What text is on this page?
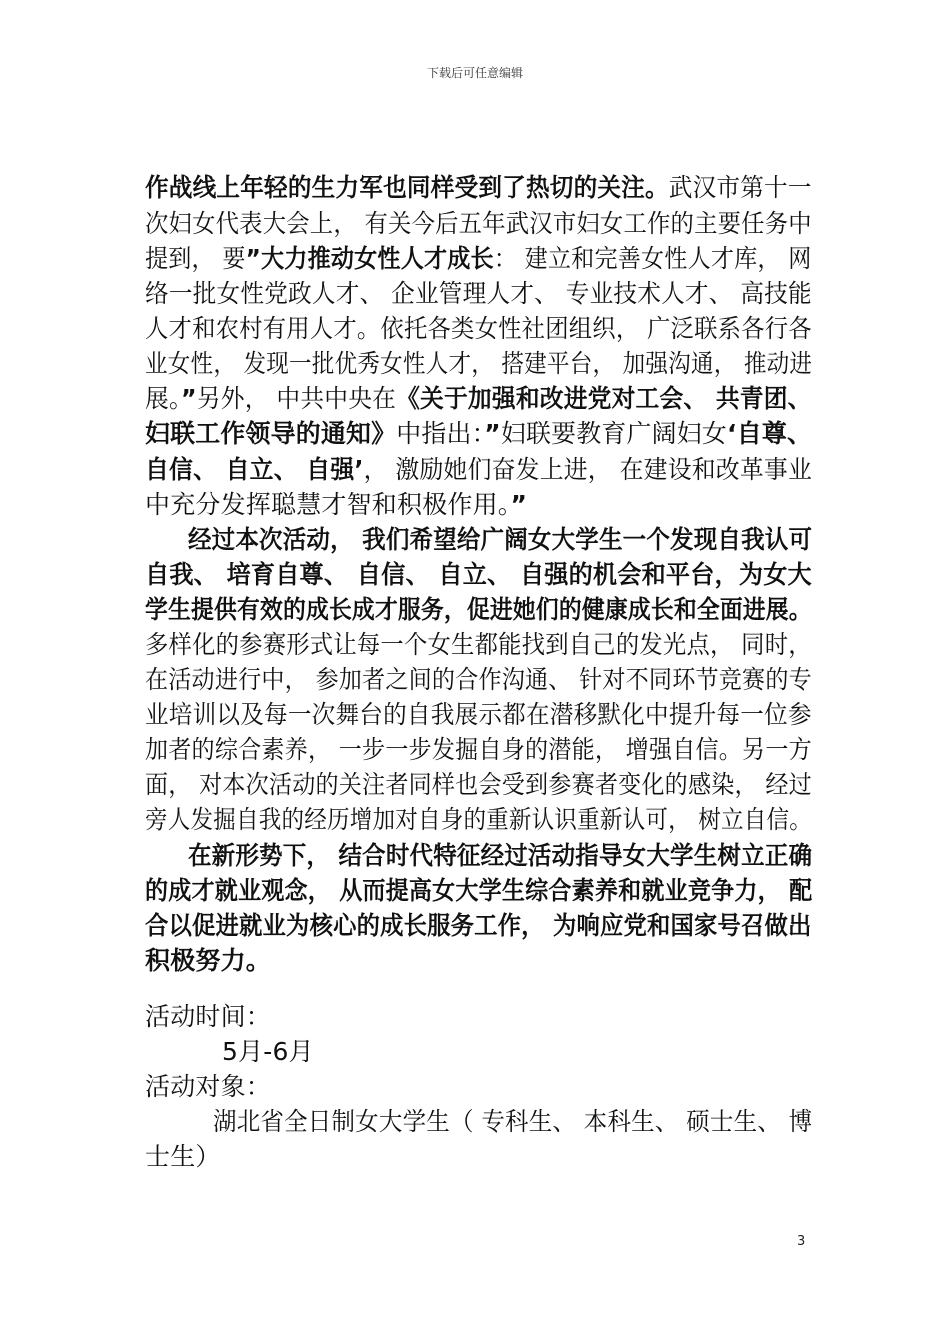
下载后可任意编辑
作战线上年轻的生力军也同样受到了热切的关注。武汉市第十一
次妇女代表大会上， 有关今后五年武汉市妇女工作的主要任务中
提到， 要”大力推动女性人才成长： 建立和完善女性人才库， 网
络一批女性党政人才、 企业管理人才、 专业技术人才、 高技能
人才和农村有用人才。依托各类女性社团组织， 广泛联系各行各
业女性， 发现一批优秀女性人才， 搭建平台， 加强沟通， 推动进
展。”另外， 中共中央在《关于加强和改进党对工会、 共青团、
妇联工作领导的通知》中指出：”妇联要教育广阔妇女‘自尊、
自信、 自立、 自强’， 激励她们奋发上进， 在建设和改革事业
中充分发挥聪慧才智和积极作用。”
经过本次活动， 我们希望给广阔女大学生一个发现自我认可
自我、 培育自尊、 自信、 自立、 自强的机会和平台，为女大
学生提供有效的成长成才服务，促进她们的健康成长和全面进展。
多样化的参赛形式让每一个女生都能找到自己的发光点， 同时，
在活动进行中， 参加者之间的合作沟通、 针对不同环节竞赛的专
业培训以及每一次舞台的自我展示都在潜移默化中提升每一位参
加者的综合素养， 一步一步发掘自身的潜能， 增强自信。另一方
面， 对本次活动的关注者同样也会受到参赛者变化的感染， 经过
旁人发掘自我的经历增加对自身的重新认识重新认可， 树立自信。
在新形势下， 结合时代特征经过活动指导女大学生树立正确
的成才就业观念， 从而提高女大学生综合素养和就业竞争力， 配
合以促进就业为核心的成长服务工作， 为响应党和国家号召做出
积极努力。
活动时间：
5月-6月
活动对象：
湖北省全日制女大学生（ 专科生、 本科生、 硕士生、 博
士生）
3
